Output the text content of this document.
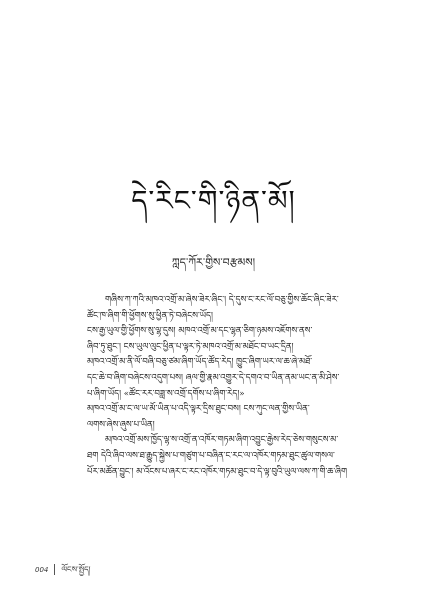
དེ་རིང་གི་ཉིན་མོ།
ཀླད་ཀོར་གྱིས་བརྩམས།

གཞིས་ཀ་ཀའི་མཁའ་འགྲོ་མ་ཞེས་ཟེར་ཞིང་། དེ་དུས་ང་རང་ལོ་བཅུ་གྱིས་ཆོང་ཞིང་ཟེར་
ཚོང་ཁ་ཞིག་གི་ཕྱོགས་སུ་ཕྱིན་ཏེ་བཞེངས་ཡོད།
ངས་རྒྱ་ཡུལ་གྱི་ཕྱོགས་སུ་ལྷ་དུས། མཁའ་འགྲོ་མ་དང་ལྷན་ཅིག་ཉམས་འཇོགས་ནས་
ཞིབ་ཏུ་ཐུང་། ངས་ཡུལ་ལུང་ཕྱིན་པ་ལྟར་ཏེ་མཁའ་འགྲོ་མ་མཐོང་བ་ཡང་དྲིན།

མཁའ་འགྲོ་མ་ནི་ལོ་བཞི་བཅུ་ཙམ་ཞིག་ཡོད་ཚོད་རེད། ཁྱུང་ཞིག་ཡར་ལ་ཆ་ཞེ་མཐོ་
དང་ཆེ་བ་ཞིག་བཞེངས་འདུག་པས། ཞལ་གྱི་རྣམ་འགྱུར་དེ་དགའ་བ་ཡིན་ནམ་ཡང་ན་མི་ཤེས་
པ་ཞིག་ཡོད། «ཚོང་རར་བཟླ་ས་འགྲོ་དགོས་པ་ཞིག་རེད།»

མཁའ་འགྲོ་མ་ང་ལ་ཡ་མོ་ཡིན་པ་འདི་ལྟར་དྲིས་ཐུང་བས། ངས་ཀུང་ལན་གྱིས་ཡིན་
ལགས་ཞེས་ཞུས་པ་ཡིན།

མཁའ་འགྲོ་མས་ཁྱོད་ལྷ་ས་འགྲོ་ན་འཁོར་གཏམ་ཞིག་འབྱུང་རྒྱེས་རེད་ཅེས་གསུངས་མ་
ཐག དེའི་ཞིབ་ལས་ཐ་རྒྱུད་སྐྱེས་པ་གཙུག་པ་བཞིན་ང་རང་ལ་འཁོར་གཏམ་ཐུང་ཚུལ་གསལ་
པོར་མཚོན་བྱུང་། མ་འོངས་པ་ཞར་ང་རང་འཁོར་གཏམ་ཐུང་བ་དེ་ལྟ་བུའི་ཡུལ་ལས་ཀ་གི་ཆ་ཞིག

004 ལོངས་སྤྱོད།
